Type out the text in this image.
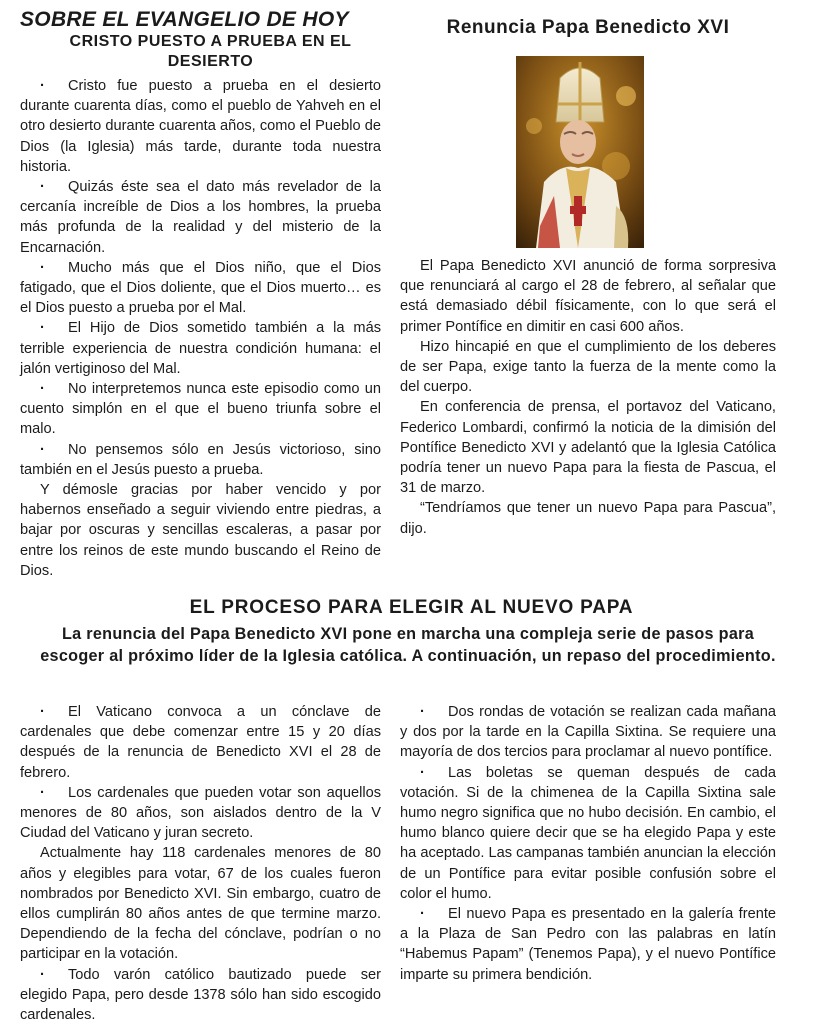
SOBRE EL EVANGELIO DE HOY
CRISTO PUESTO A PRUEBA EN EL DESIERTO

· Cristo fue puesto a prueba en el desierto durante cuarenta días, como el pueblo de Yahveh en el otro desierto durante cuarenta años, como el Pueblo de Dios (la Iglesia) más tarde, durante toda nuestra historia.

· Quizás éste sea el dato más revelador de la cercanía increíble de Dios a los hombres, la prueba más profunda de la realidad y del misterio de la Encarnación.

· Mucho más que el Dios niño, que el Dios fatigado, que el Dios doliente, que el Dios muerto… es el Dios puesto a prueba por el Mal.

· El Hijo de Dios sometido también a la más terrible experiencia de nuestra condición humana: el jalón vertiginoso del Mal.

· No interpretemos nunca este episodio como un cuento simplón en el que el bueno triunfa sobre el malo.

· No pensemos sólo en Jesús victorioso, sino también en el Jesús puesto a prueba.

Y démosle gracias por haber vencido y por habernos enseñado a seguir viviendo entre piedras, a bajar por oscuras y sencillas escaleras, a pasar por entre los reinos de este mundo buscando el Reino de Dios.

Renuncia Papa Benedicto XVI

El Papa Benedicto XVI anunció de forma sorpresiva que renunciará al cargo el 28 de febrero, al señalar que está demasiado débil físicamente, con lo que será el primer Pontífice en dimitir en casi 600 años.

Hizo hincapié en que el cumplimiento de los deberes de ser Papa, exige tanto la fuerza de la mente como la del cuerpo.

En conferencia de prensa, el portavoz del Vaticano, Federico Lombardi, confirmó la noticia de la dimisión del Pontífice Benedicto XVI y adelantó que la Iglesia Católica podría tener un nuevo Papa para la fiesta de Pascua, el 31 de marzo.

“Tendríamos que tener un nuevo Papa para Pascua”, dijo.

EL PROCESO PARA ELEGIR AL NUEVO PAPA
La renuncia del Papa Benedicto XVI pone en marcha una compleja serie de pasos para escoger al próximo líder de la Iglesia católica. A continuación, un repaso del procedimiento.

· El Vaticano convoca a un cónclave de cardenales que debe comenzar entre 15 y 20 días después de la renuncia de Benedicto XVI el 28 de febrero.

· Los cardenales que pueden votar son aquellos menores de 80 años, son aislados dentro de la V Ciudad del Vaticano y juran secreto.

Actualmente hay 118 cardenales menores de 80 años y elegibles para votar, 67 de los cuales fueron nombrados por Benedicto XVI. Sin embargo, cuatro de ellos cumplirán 80 años antes de que termine marzo. Dependiendo de la fecha del cónclave, podrían o no participar en la votación.

· Todo varón católico bautizado puede ser elegido Papa, pero desde 1378 sólo han sido escogido cardenales.

· Dos rondas de votación se realizan cada mañana y dos por la tarde en la Capilla Sixtina. Se requiere una mayoría de dos tercios para proclamar al nuevo pontífice.

· Las boletas se queman después de cada votación. Si de la chimenea de la Capilla Sixtina sale humo negro significa que no hubo decisión. En cambio, el humo blanco quiere decir que se ha elegido Papa y este ha aceptado. Las campanas también anuncian la elección de un Pontífice para evitar posible confusión sobre el color el humo.

· El nuevo Papa es presentado en la galería frente a la Plaza de San Pedro con las palabras en latín “Habemus Papam” (Tenemos Papa), y el nuevo Pontífice imparte su primera bendición.
